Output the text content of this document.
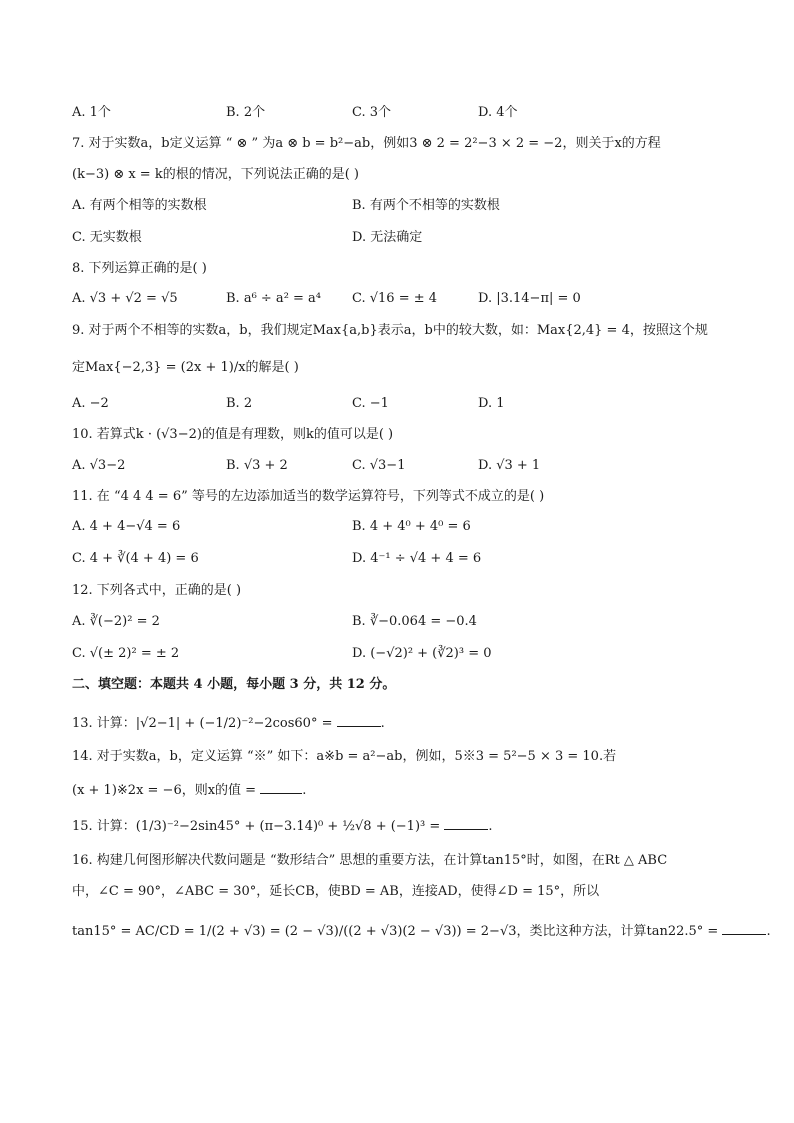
A. 1个	B. 2个	C. 3个	D. 4个
7. 对于实数a，b定义运算 “ ⊗ ” 为a ⊗ b = b²−ab，例如3 ⊗ 2 = 2²−3 × 2 = −2，则关于x的方程
(k−3) ⊗ x = k的根的情况，下列说法正确的是( )
A. 有两个相等的实数根	B. 有两个不相等的实数根
C. 无实数根	D. 无法确定
8. 下列运算正确的是( )
A. √3 + √2 = √5	B. a⁶ ÷ a² = a⁴ C. √16 = ± 4	D. |3.14−π| = 0
9. 对于两个不相等的实数a，b，我们规定Max{a,b}表示a，b中的较大数，如：Max{2,4} = 4，按照这个规
定Max{−2,3} = (2x + 1)/x的解是( )
A. −2	B. 2	C. −1	D. 1
10. 若算式k · (√3−2)的值是有理数，则k的值可以是( )
A. √3−2	B. √3 + 2	C. √3−1	D. √3 + 1
11. 在 “4 4 4 = 6” 等号的左边添加适当的数学运算符号，下列等式不成立的是( )
A. 4 + 4−√4 = 6	B. 4 + 4⁰ + 4⁰ = 6
C. 4 + ∛(4 + 4) = 6	D. 4⁻¹ ÷ √4 + 4 = 6
12. 下列各式中，正确的是( )
A. ∛(−2)² = 2	B. ∛−0.064 = −0.4
C. √(± 2)² = ± 2	D. (−√2)² + (∛2)³ = 0
二、填空题：本题共 4 小题，每小题 3 分，共 12 分。
13. 计算：|√2−1| + (−1/2)⁻²−2cos60° =	.
14. 对于实数a，b，定义运算 “※” 如下：a※b = a²−ab，例如，5※3 = 5²−5 × 3 = 10.若
(x + 1)※2x = −6，则x的值 =	.
15. 计算：(1/3)⁻²−2sin45° + (π−3.14)⁰ + ½√8 + (−1)³ =	.
16. 构建几何图形解决代数问题是 “数形结合” 思想的重要方法，在计算tan15°时，如图，在Rt △ ABC
中，∠C = 90°，∠ABC = 30°，延长CB，使BD = AB，连接AD，使得∠D = 15°，所以
tan15° = AC/CD = 1/(2 + √3) = (2 − √3)/((2 + √3)(2 − √3)) = 2−√3，类比这种方法，计算tan22.5° =	.
